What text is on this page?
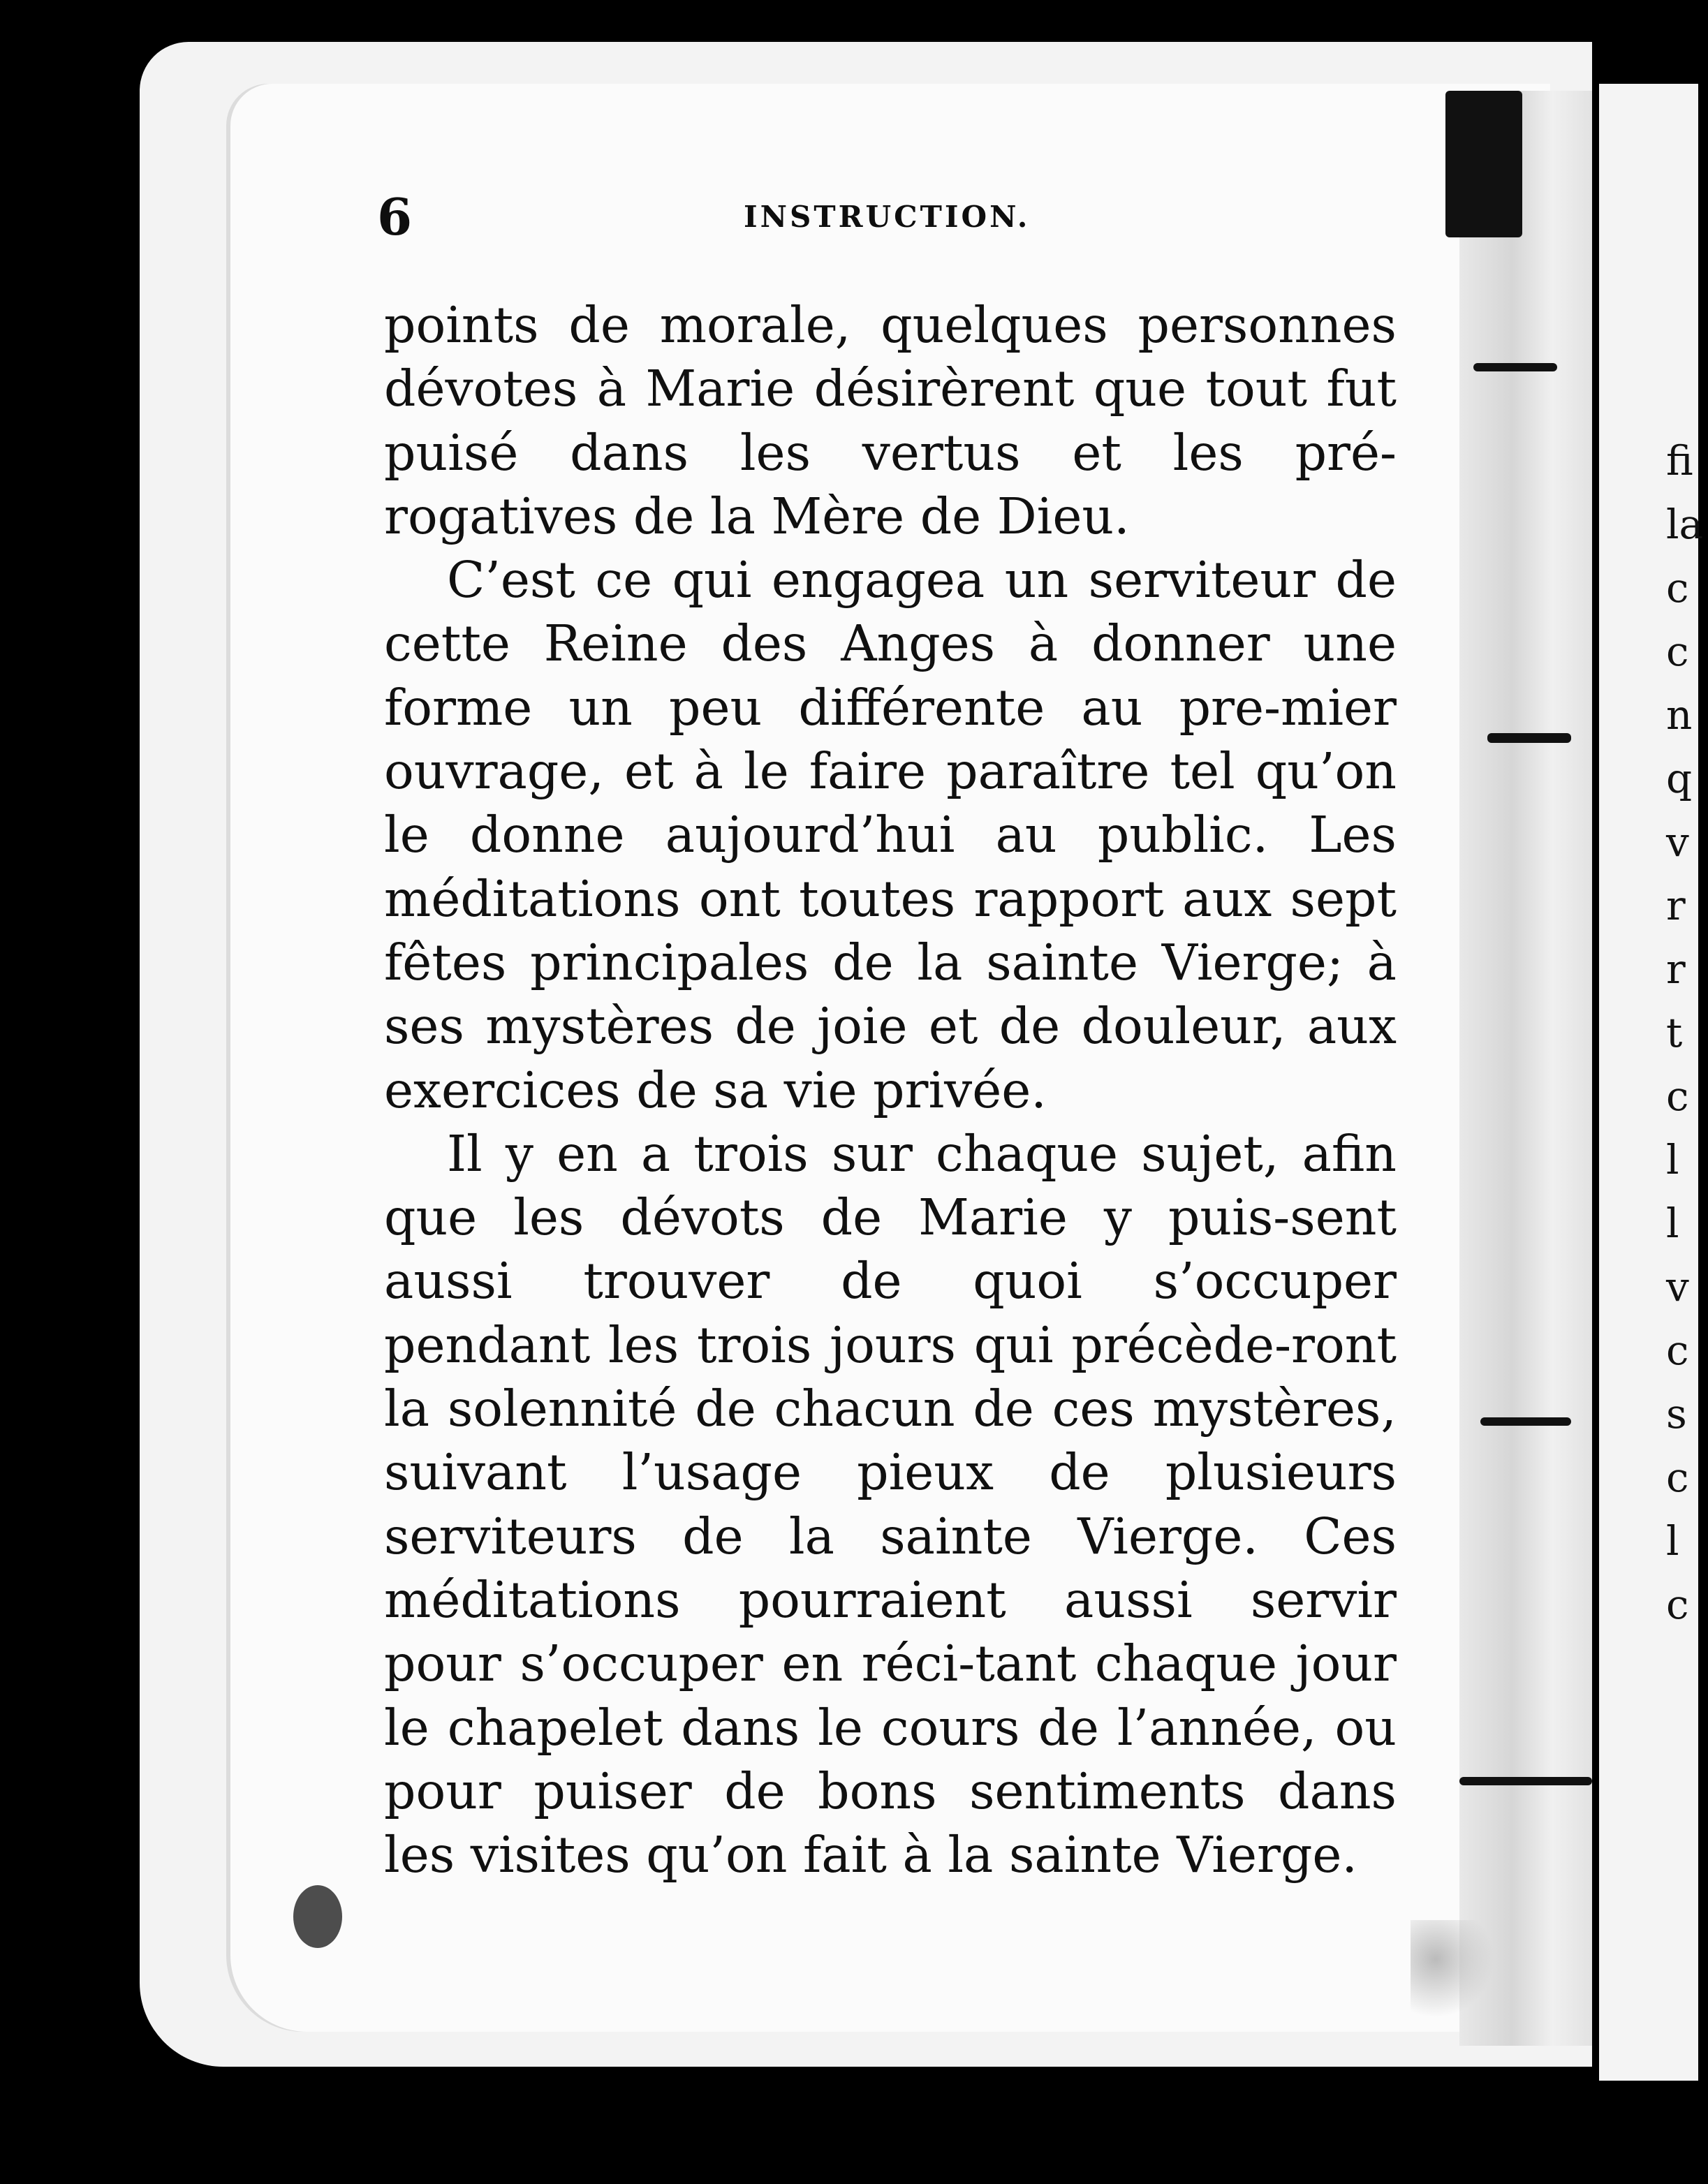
fi
la
c
c
n
q
v
r
r
t
c
l
l
v
c
s
c
l
c
6	INSTRUCTION.

points de morale, quelques personnes dévotes à Marie désirèrent que tout fut puisé dans les vertus et les pré-rogatives de la Mère de Dieu.

C’est ce qui engagea un serviteur de cette Reine des Anges à donner une forme un peu différente au pre-mier ouvrage, et à le faire paraître tel qu’on le donne aujourd’hui au public. Les méditations ont toutes rapport aux sept fêtes principales de la sainte Vierge; à ses mystères de joie et de douleur, aux exercices de sa vie privée.

Il y en a trois sur chaque sujet, afin que les dévots de Marie y puis-sent aussi trouver de quoi s’occuper pendant les trois jours qui précède-ront la solennité de chacun de ces mystères, suivant l’usage pieux de plusieurs serviteurs de la sainte Vierge. Ces méditations pourraient aussi servir pour s’occuper en réci-tant chaque jour le chapelet dans le cours de l’année, ou pour puiser de bons sentiments dans les visites qu’on fait à la sainte Vierge.
